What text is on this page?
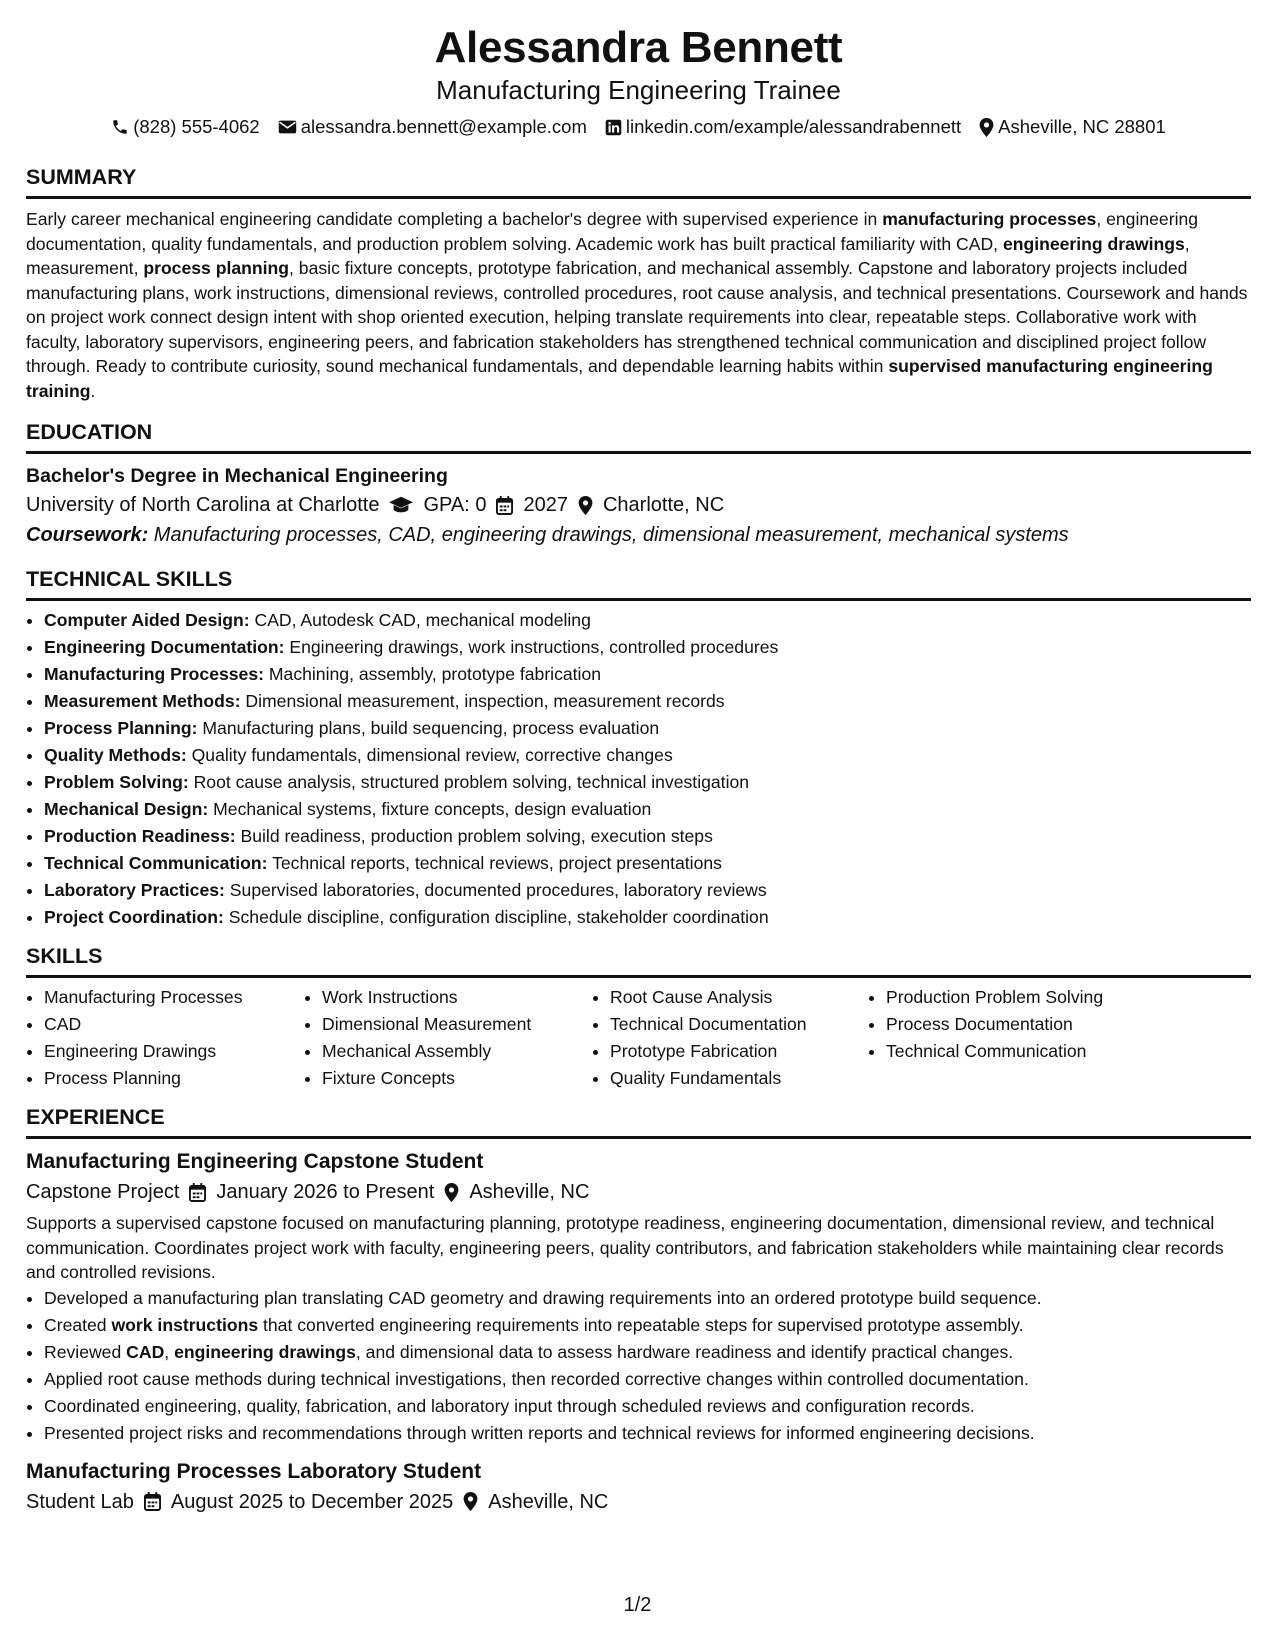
Alessandra Bennett
Manufacturing Engineering Trainee
(828) 555-4062 alessandra.bennett@example.com linkedin.com/example/alessandrabennett Asheville, NC 28801
SUMMARY
Early career mechanical engineering candidate completing a bachelor's degree with supervised experience in manufacturing processes, engineering documentation, quality fundamentals, and production problem solving. Academic work has built practical familiarity with CAD, engineering drawings, measurement, process planning, basic fixture concepts, prototype fabrication, and mechanical assembly. Capstone and laboratory projects included manufacturing plans, work instructions, dimensional reviews, controlled procedures, root cause analysis, and technical presentations. Coursework and hands on project work connect design intent with shop oriented execution, helping translate requirements into clear, repeatable steps. Collaborative work with faculty, laboratory supervisors, engineering peers, and fabrication stakeholders has strengthened technical communication and disciplined project follow through. Ready to contribute curiosity, sound mechanical fundamentals, and dependable learning habits within supervised manufacturing engineering training.
EDUCATION
Bachelor's Degree in Mechanical Engineering
University of North Carolina at Charlotte GPA: 0 2027 Charlotte, NC
Coursework: Manufacturing processes, CAD, engineering drawings, dimensional measurement, mechanical systems
TECHNICAL SKILLS
• Computer Aided Design: CAD, Autodesk CAD, mechanical modeling
• Engineering Documentation: Engineering drawings, work instructions, controlled procedures
• Manufacturing Processes: Machining, assembly, prototype fabrication
• Measurement Methods: Dimensional measurement, inspection, measurement records
• Process Planning: Manufacturing plans, build sequencing, process evaluation
• Quality Methods: Quality fundamentals, dimensional review, corrective changes
• Problem Solving: Root cause analysis, structured problem solving, technical investigation
• Mechanical Design: Mechanical systems, fixture concepts, design evaluation
• Production Readiness: Build readiness, production problem solving, execution steps
• Technical Communication: Technical reports, technical reviews, project presentations
• Laboratory Practices: Supervised laboratories, documented procedures, laboratory reviews
• Project Coordination: Schedule discipline, configuration discipline, stakeholder coordination
SKILLS
• Manufacturing Processes
• CAD
• Engineering Drawings
• Process Planning
• Work Instructions
• Dimensional Measurement
• Mechanical Assembly
• Fixture Concepts
• Root Cause Analysis
• Technical Documentation
• Prototype Fabrication
• Quality Fundamentals
• Production Problem Solving
• Process Documentation
• Technical Communication
EXPERIENCE
Manufacturing Engineering Capstone Student
Capstone Project January 2026 to Present Asheville, NC
Supports a supervised capstone focused on manufacturing planning, prototype readiness, engineering documentation, dimensional review, and technical communication. Coordinates project work with faculty, engineering peers, quality contributors, and fabrication stakeholders while maintaining clear records and controlled revisions.
• Developed a manufacturing plan translating CAD geometry and drawing requirements into an ordered prototype build sequence.
• Created work instructions that converted engineering requirements into repeatable steps for supervised prototype assembly.
• Reviewed CAD, engineering drawings, and dimensional data to assess hardware readiness and identify practical changes.
• Applied root cause methods during technical investigations, then recorded corrective changes within controlled documentation.
• Coordinated engineering, quality, fabrication, and laboratory input through scheduled reviews and configuration records.
• Presented project risks and recommendations through written reports and technical reviews for informed engineering decisions.
Manufacturing Processes Laboratory Student
Student Lab August 2025 to December 2025 Asheville, NC
1/2
